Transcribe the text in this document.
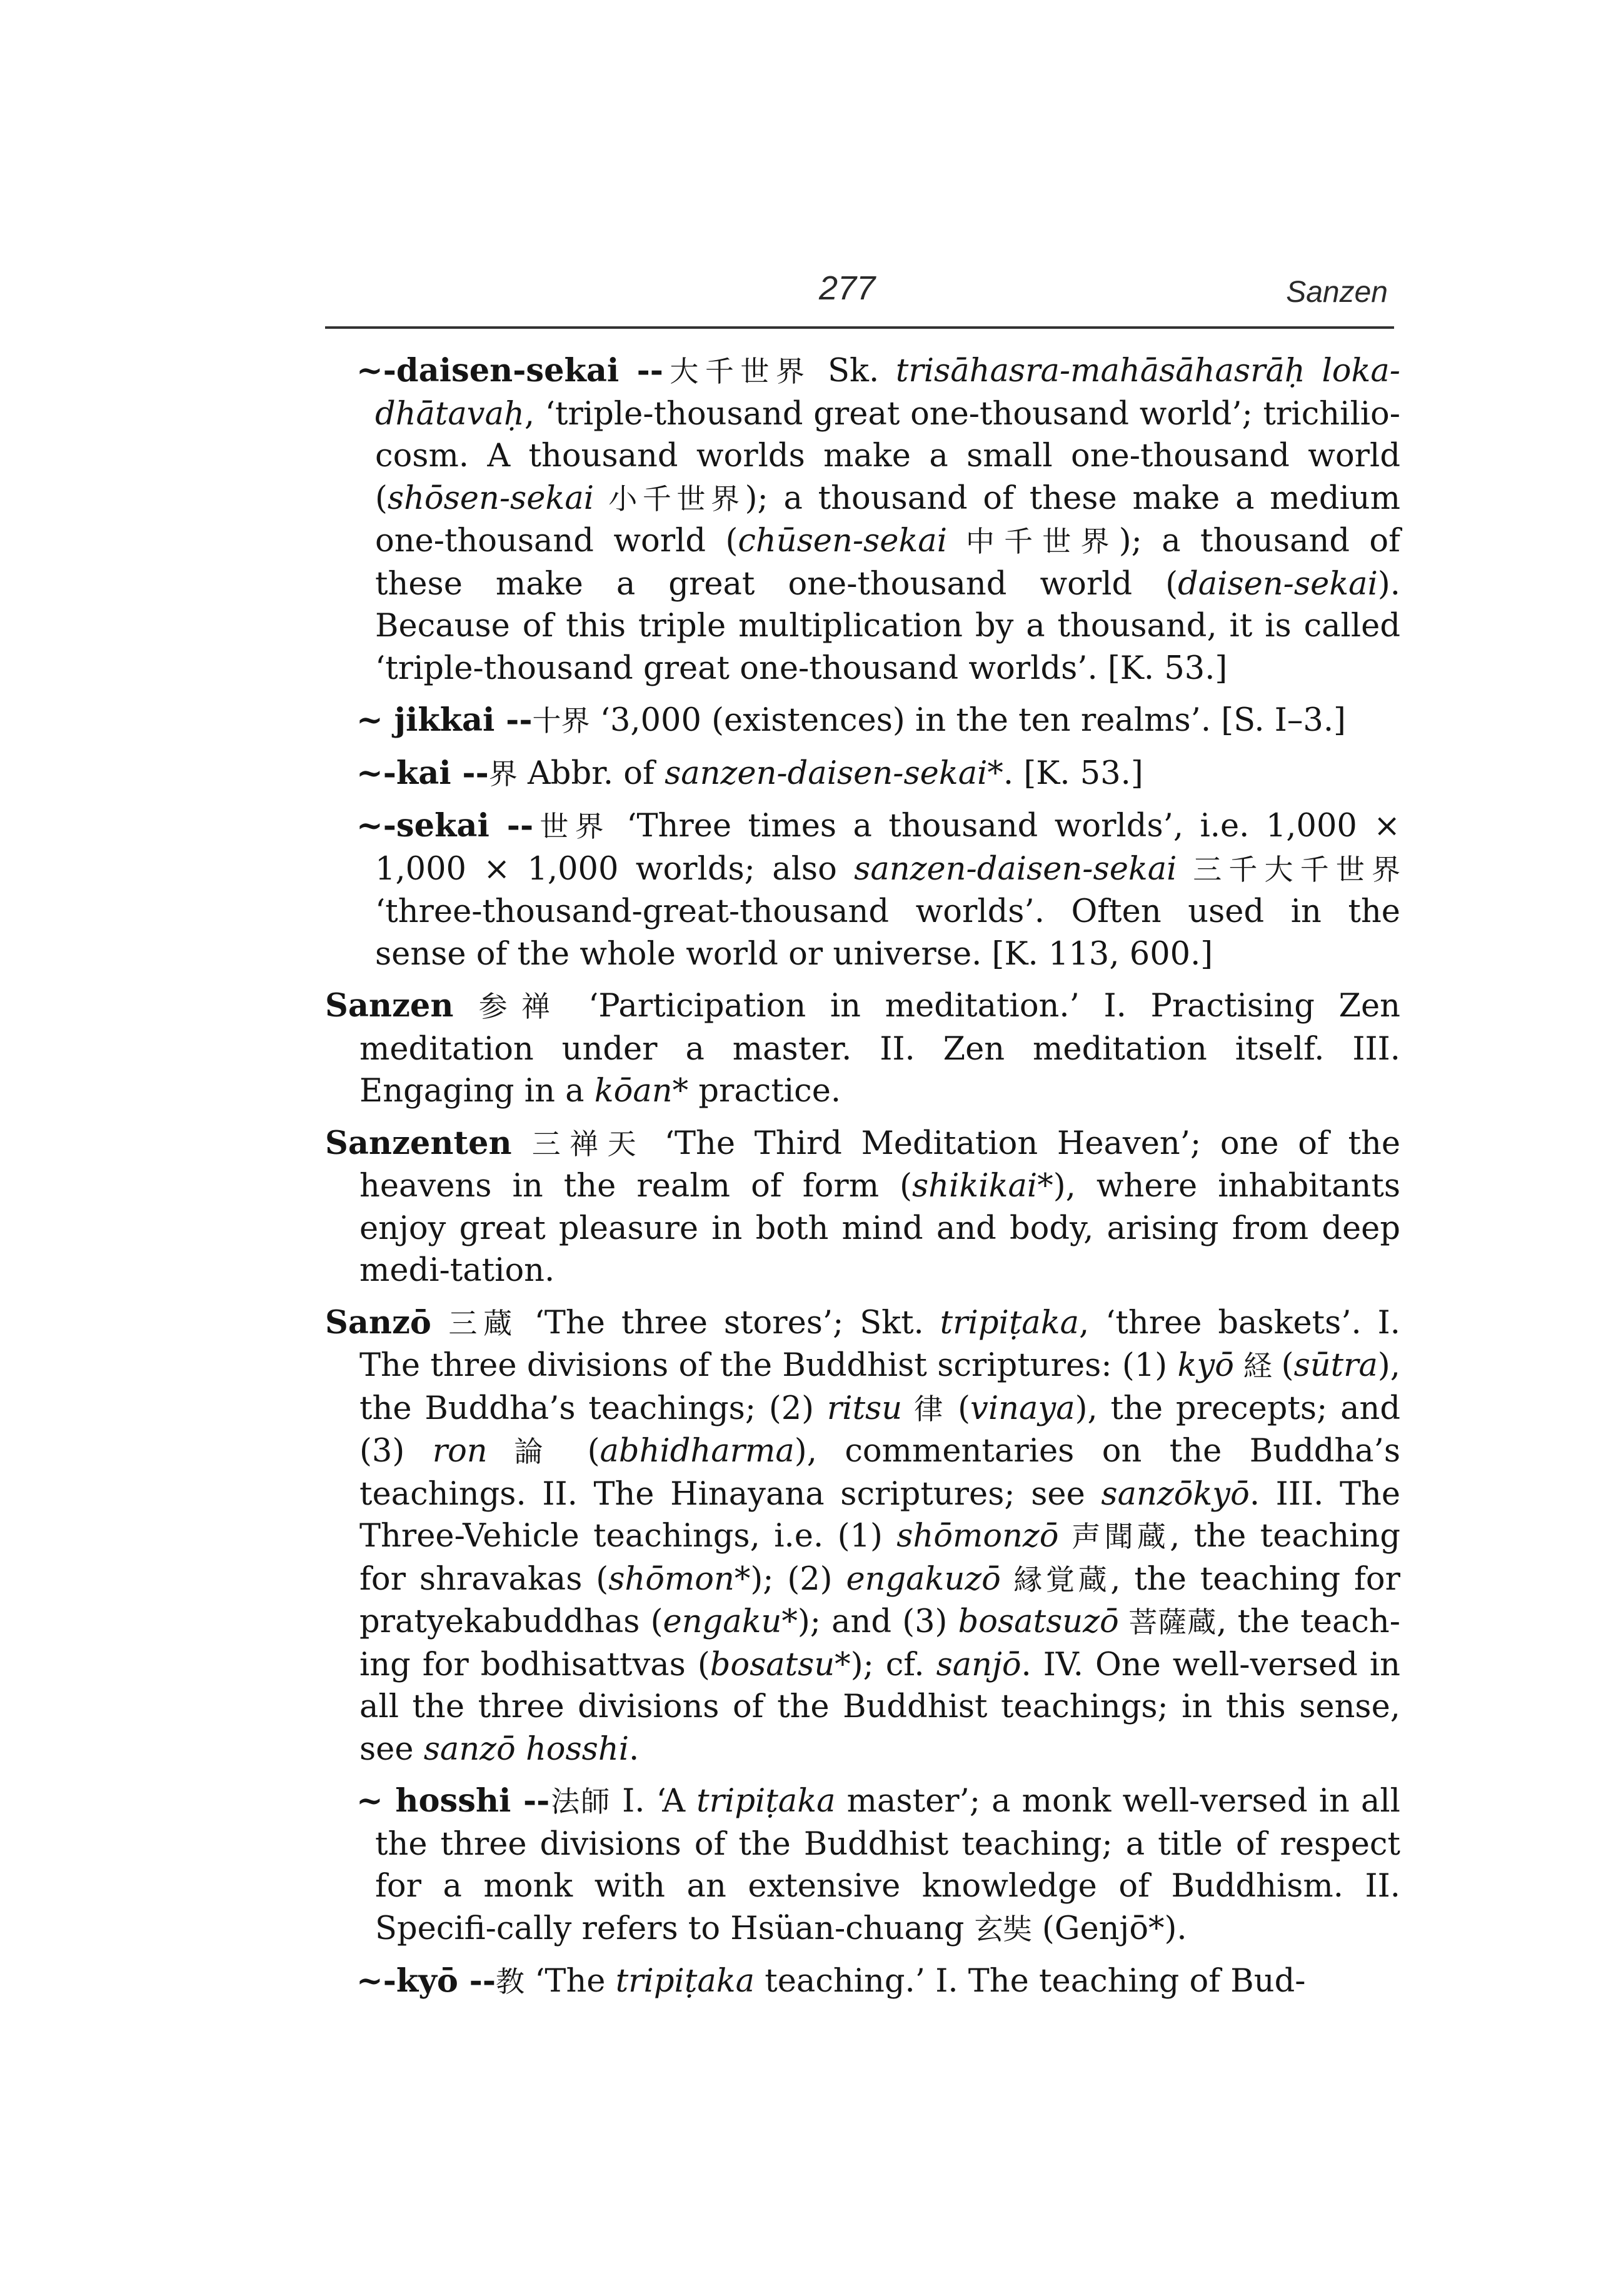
277	Sanzen

~-daisen-sekai --大千世界 Sk. trisāhasra-mahāsāhasrāḥ loka-dhātavaḥ, ‘triple-thousand great one-thousand world’; trichilio-cosm. A thousand worlds make a small one-thousand world (shōsen-sekai 小千世界); a thousand of these make a medium one-thousand world (chūsen-sekai 中千世界); a thousand of these make a great one-thousand world (daisen-sekai). Because of this triple multiplication by a thousand, it is called ‘triple-thousand great one-thousand worlds’. [K. 53.]

~ jikkai --十界 ‘3,000 (existences) in the ten realms’. [S. I–3.]

~-kai --界 Abbr. of sanzen-daisen-sekai*. [K. 53.]

~-sekai --世界 ‘Three times a thousand worlds’, i.e. 1,000 × 1,000 × 1,000 worlds; also sanzen-daisen-sekai 三千大千世界 ‘three-thousand-great-thousand worlds’. Often used in the sense of the whole world or universe. [K. 113, 600.]

Sanzen 参禅 ‘Participation in meditation.’ I. Practising Zen meditation under a master. II. Zen meditation itself. III. Engaging in a kōan* practice.

Sanzenten 三禅天 ‘The Third Meditation Heaven’; one of the heavens in the realm of form (shikikai*), where inhabitants enjoy great pleasure in both mind and body, arising from deep medi-tation.

Sanzō 三蔵 ‘The three stores’; Skt. tripiṭaka, ‘three baskets’. I. The three divisions of the Buddhist scriptures: (1) kyō 経 (sūtra), the Buddha’s teachings; (2) ritsu 律 (vinaya), the precepts; and (3) ron 論 (abhidharma), commentaries on the Buddha’s teachings. II. The Hinayana scriptures; see sanzōkyō. III. The Three-Vehicle teachings, i.e. (1) shōmonzō 声聞蔵, the teaching for shravakas (shōmon*); (2) engakuzō 縁覚蔵, the teaching for pratyekabuddhas (engaku*); and (3) bosatsuzō 菩薩蔵, the teach-ing for bodhisattvas (bosatsu*); cf. sanjō. IV. One well-versed in all the three divisions of the Buddhist teachings; in this sense, see sanzō hosshi.

~ hosshi --法師 I. ‘A tripiṭaka master’; a monk well-versed in all the three divisions of the Buddhist teaching; a title of respect for a monk with an extensive knowledge of Buddhism. II. Specifi-cally refers to Hsüan-chuang 玄奘 (Genjō*).

~-kyō --教 ‘The tripiṭaka teaching.’ I. The teaching of Bud-
